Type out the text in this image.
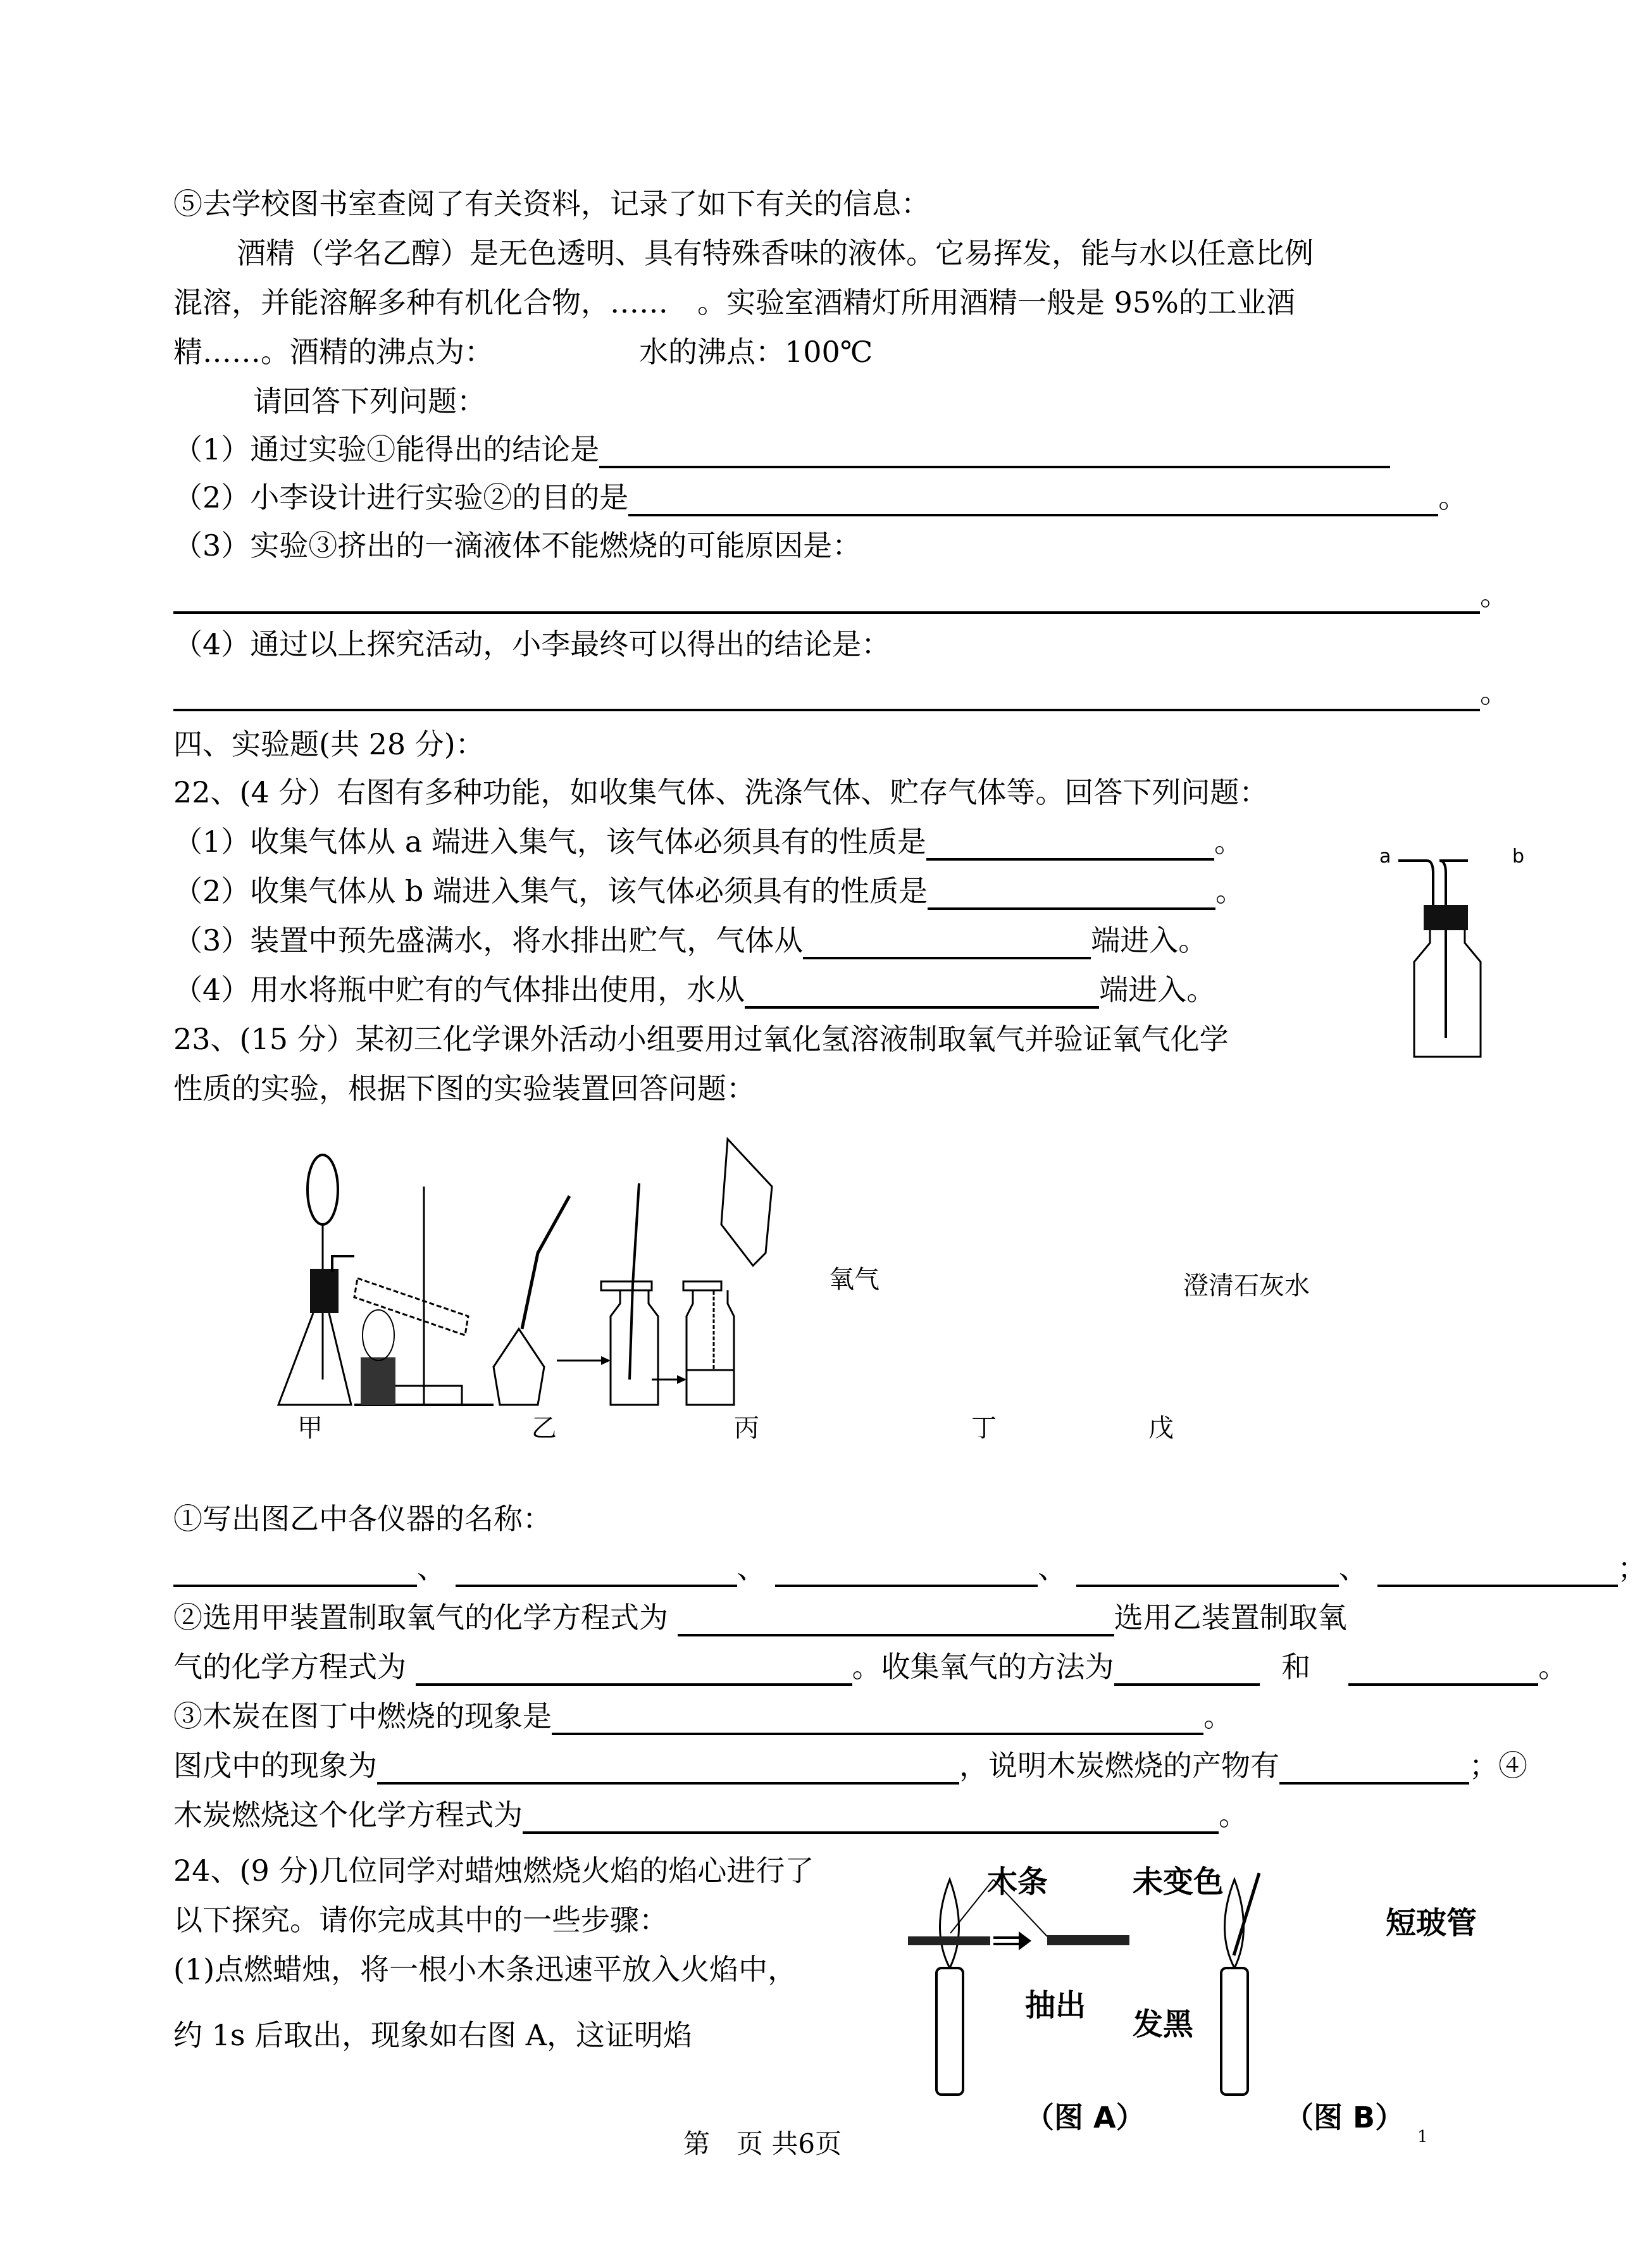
⑤去学校图书室查阅了有关资料，记录了如下有关的信息：
酒精（学名乙醇）是无色透明、具有特殊香味的液体。它易挥发，能与水以任意比例
混溶，并能溶解多种有机化合物，……　。实验室酒精灯所用酒精一般是 95%的工业酒
精……。酒精的沸点为：	水的沸点：100℃
请回答下列问题：
（1）通过实验①能得出的结论是
（2）小李设计进行实验②的目的是	。
（3）实验③挤出的一滴液体不能燃烧的可能原因是：
。
（4）通过以上探究活动，小李最终可以得出的结论是：
。
四、实验题(共 28 分)：
22、(4 分）右图有多种功能，如收集气体、洗涤气体、贮存气体等。回答下列问题：
（1）收集气体从 a 端进入集气，该气体必须具有的性质是	。
（2）收集气体从 b 端进入集气，该气体必须具有的性质是	。
（3）装置中预先盛满水，将水排出贮气，气体从	端进入。
（4）用水将瓶中贮有的气体排出使用，水从	端进入。
a	b
23、(15 分）某初三化学课外活动小组要用过氧化氢溶液制取氧气并验证氧气化学
性质的实验，根据下图的实验装置回答问题：
甲	乙	丙	丁	戊
氧气	澄清石灰水
①写出图乙中各仪器的名称：
、	、	、	、	；
②选用甲装置制取氧气的化学方程式为	选用乙装置制取氧
气的化学方程式为	。收集氧气的方法为	和	。
③木炭在图丁中燃烧的现象是	。
图戊中的现象为	，说明木炭燃烧的产物有	；④
木炭燃烧这个化学方程式为	。
24、(9 分)几位同学对蜡烛燃烧火焰的焰心进行了
以下探究。请你完成其中的一些步骤：
(1)点燃蜡烛，将一根小木条迅速平放入火焰中，
约 1s 后取出，现象如右图 A，这证明焰
木条	未变色
抽出
发黑
短玻管
（图 A）	（图 B）
第　页 共6页	1
